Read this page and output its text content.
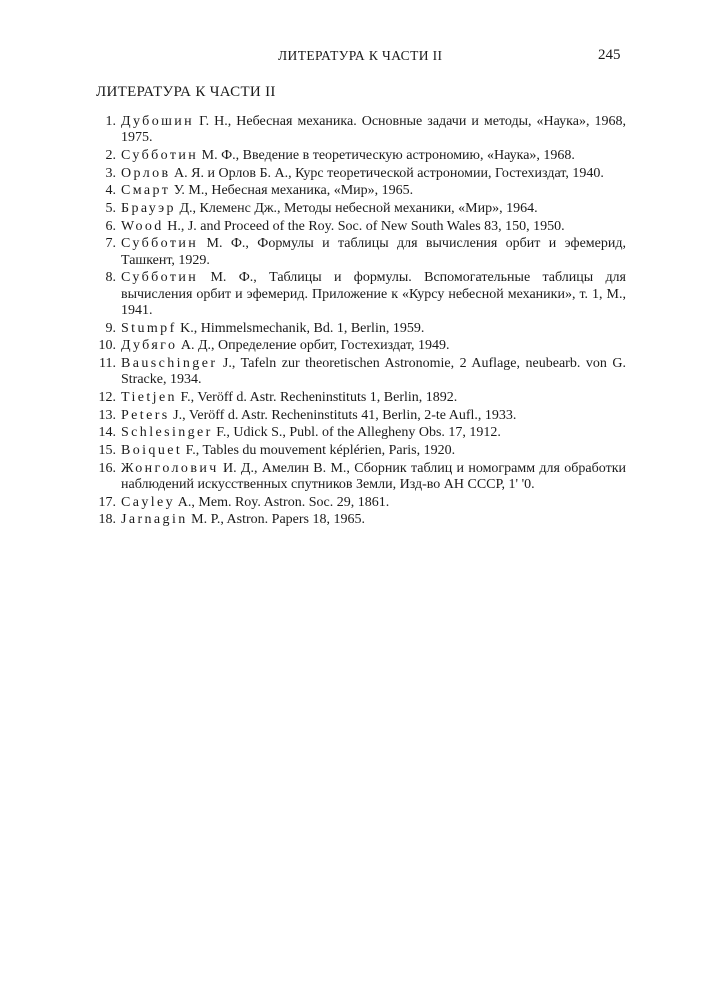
ЛИТЕРАТУРА К ЧАСТИ II	245
ЛИТЕРАТУРА К ЧАСТИ II
1. Дубошин Г. Н., Небесная механика. Основные задачи и методы, «Наука», 1968, 1975.
2. Субботин М. Ф., Введение в теоретическую астрономию, «Наука», 1968.
3. Орлов А. Я. и Орлов Б. А., Курс теоретической астрономии, Гостехиздат, 1940.
4. Смарт У. М., Небесная механика, «Мир», 1965.
5. Брауэр Д., Клеменс Дж., Методы небесной механики, «Мир», 1964.
6. Wood H., J. and Proceed of the Roy. Soc. of New South Wales 83, 150, 1950.
7. Субботин М. Ф., Формулы и таблицы для вычисления орбит и эфемерид, Ташкент, 1929.
8. Субботин М. Ф., Таблицы и формулы. Вспомогательные таблицы для вычисления орбит и эфемерид. Приложение к «Курсу небесной механики», т. 1, М., 1941.
9. Stumpf K., Himmelsmechanik, Bd. 1, Berlin, 1959.
10. Дубяго А. Д., Определение орбит, Гостехиздат, 1949.
11. Bauschinger J., Tafeln zur theoretischen Astronomie, 2 Auflage, neubearb. von G. Stracke, 1934.
12. Tietjen F., Veröff d. Astr. Recheninstituts 1, Berlin, 1892.
13. Peters J., Veröff d. Astr. Recheninstituts 41, Berlin, 2-te Aufl., 1933.
14. Schlesinger F., Udick S., Publ. of the Allegheny Obs. 17, 1912.
15. Boiquet F., Tables du mouvement képlérien, Paris, 1920.
16. Жонголович И. Д., Амелин В. М., Сборник таблиц и номограмм для обработки наблюдений искусственных спутников Земли, Изд-во АН СССР, 1' '0.
17. Cayley A., Mem. Roy. Astron. Soc. 29, 1861.
18. Jarnagin M. P., Astron. Papers 18, 1965.
